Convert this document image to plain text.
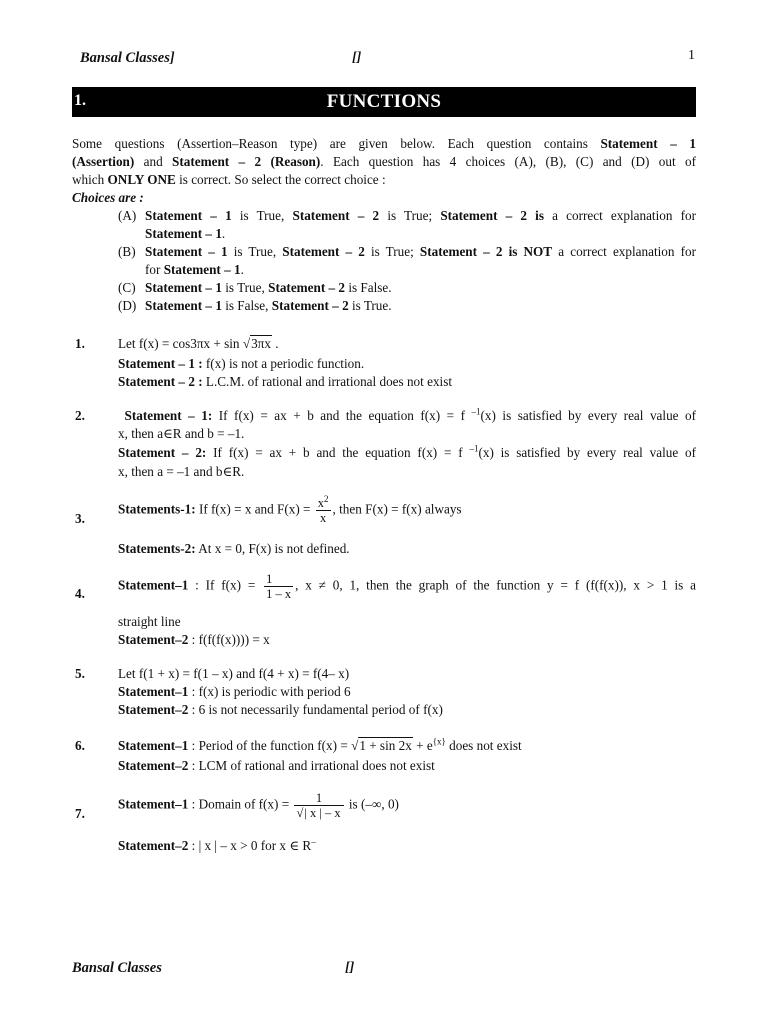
Bansal Classes]	[]	1
1.	FUNCTIONS
Some questions (Assertion–Reason type) are given below. Each question contains Statement – 1
(Assertion) and Statement – 2 (Reason). Each question has 4 choices (A), (B), (C) and (D) out of
which ONLY ONE is correct. So select the correct choice :
Choices are :
(A) Statement – 1 is True, Statement – 2 is True; Statement – 2 is a correct explanation for
Statement – 1.
(B) Statement – 1 is True, Statement – 2 is True; Statement – 2 is NOT a correct explanation for
for Statement – 1.
(C) Statement – 1 is True, Statement – 2 is False.
(D) Statement – 1 is False, Statement – 2 is True.
1.	Let f(x) = cos3πx + sin √3πx .
Statement – 1 : f(x) is not a periodic function.
Statement – 2 : L.C.M. of rational and irrational does not exist
2.	Statement – 1: If f(x) = ax + b and the equation f(x) = f $^{-1}$(x) is satisfied by every real value of
x, then a∈R and b = –1.
Statement – 2: If f(x) = ax + b and the equation f(x) = f $^{-1}$(x) is satisfied by every real value of
x, then a = –1 and b∈R.
3.
Statements-1: If f(x) = x and $F(x) = \frac{x^2}{x}$ , then F(x) = f(x) always
Statements-2: At x = 0, F(x) is not defined.
4.
Statement–1 : If $f(x) = \frac{1}{1 - x}$ , x ≠ 0, 1, then the graph of the function y = f (f(f(x)), x > 1 is a
straight line
Statement–2 : f(f(f(x)))) = x
5.	Let f(1 + x) = f(1 – x) and f(4 + x) = f(4– x)
Statement–1 : f(x) is periodic with period 6
Statement–2 : 6 is not necessarily fundamental period of f(x)
6.	Statement–1 : Period of the function $f(x) = √1 + \sin 2x + e^{\{x\}}$ does not exist
Statement–2 : LCM of rational and irrational does not exist
7.
Statement–1 : Domain of $f(x) = \frac{1}{√| x | - x}$ is (–∞, 0)
Statement–2 : | x | – x > 0 for x ∈ R–
Bansal Classes	[]
